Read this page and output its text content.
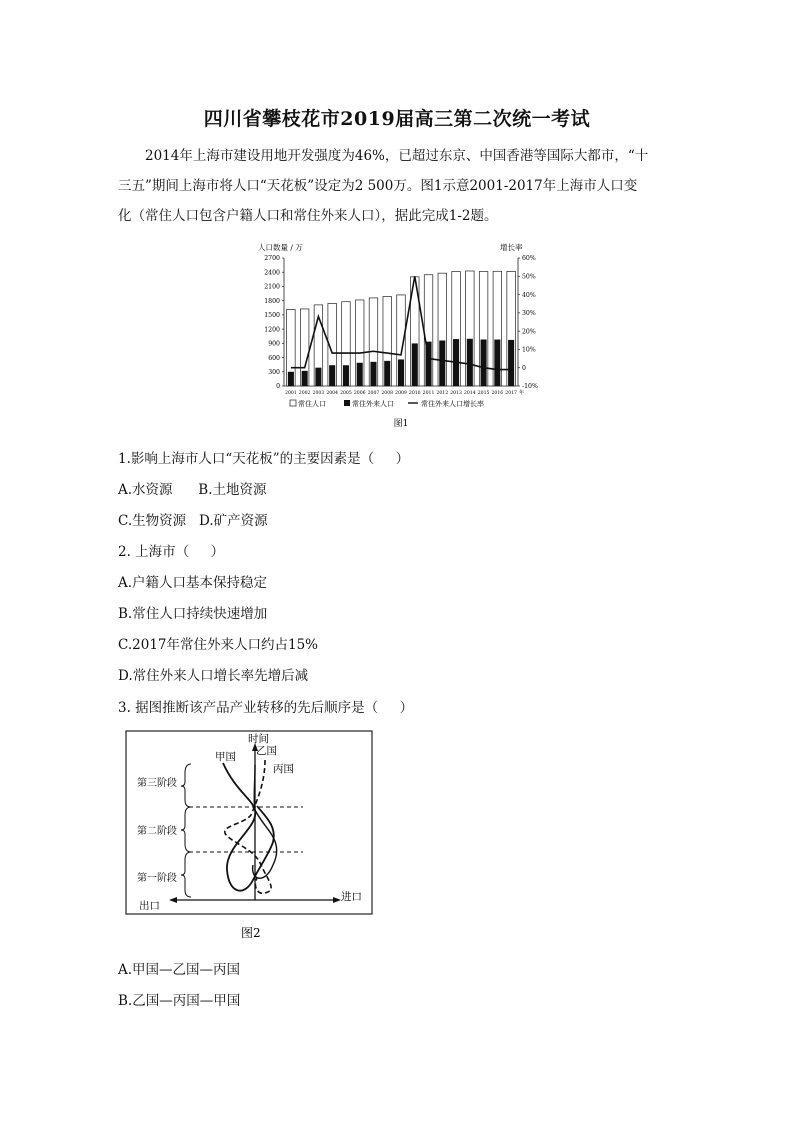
四川省攀枝花市2019届高三第二次统一考试

2014年上海市建设用地开发强度为46%，已超过东京、中国香港等国际大都市，“十

三五”期间上海市将人口“天花板”设定为2 500万。图1示意2001-2017年上海市人口变

化（常住人口包含户籍人口和常住外来人口），据此完成1-2题。

人口数量 / 万	增长率
0
300
600
900
1200
1500
1800
2100
2400
2700
-10%
0
10%
20%
30%
40%
50%
60%
2001 2002 2003 2004 2005 2006 2007 2008 2009 2010 2011 2012 2013 2014 2015 2016 2017 年
常住人口	常住外来人口	常住外来人口增长率
图1
1.影响上海市人口“天花板”的主要因素是（     ）
A.水资源      B.土地资源
C.生物资源   D.矿产资源
2. 上海市（     ）
A.户籍人口基本保持稳定
B.常住人口持续快速增加
C.2017年常住外来人口约占15%
D.常住外来人口增长率先增后减
3. 据图推断该产品产业转移的先后顺序是（     ）
时间
出口
进口
甲国 乙国
丙国
第三阶段
第二阶段
第一阶段
图2
A.甲国—乙国—丙国
B.乙国—丙国—甲国
